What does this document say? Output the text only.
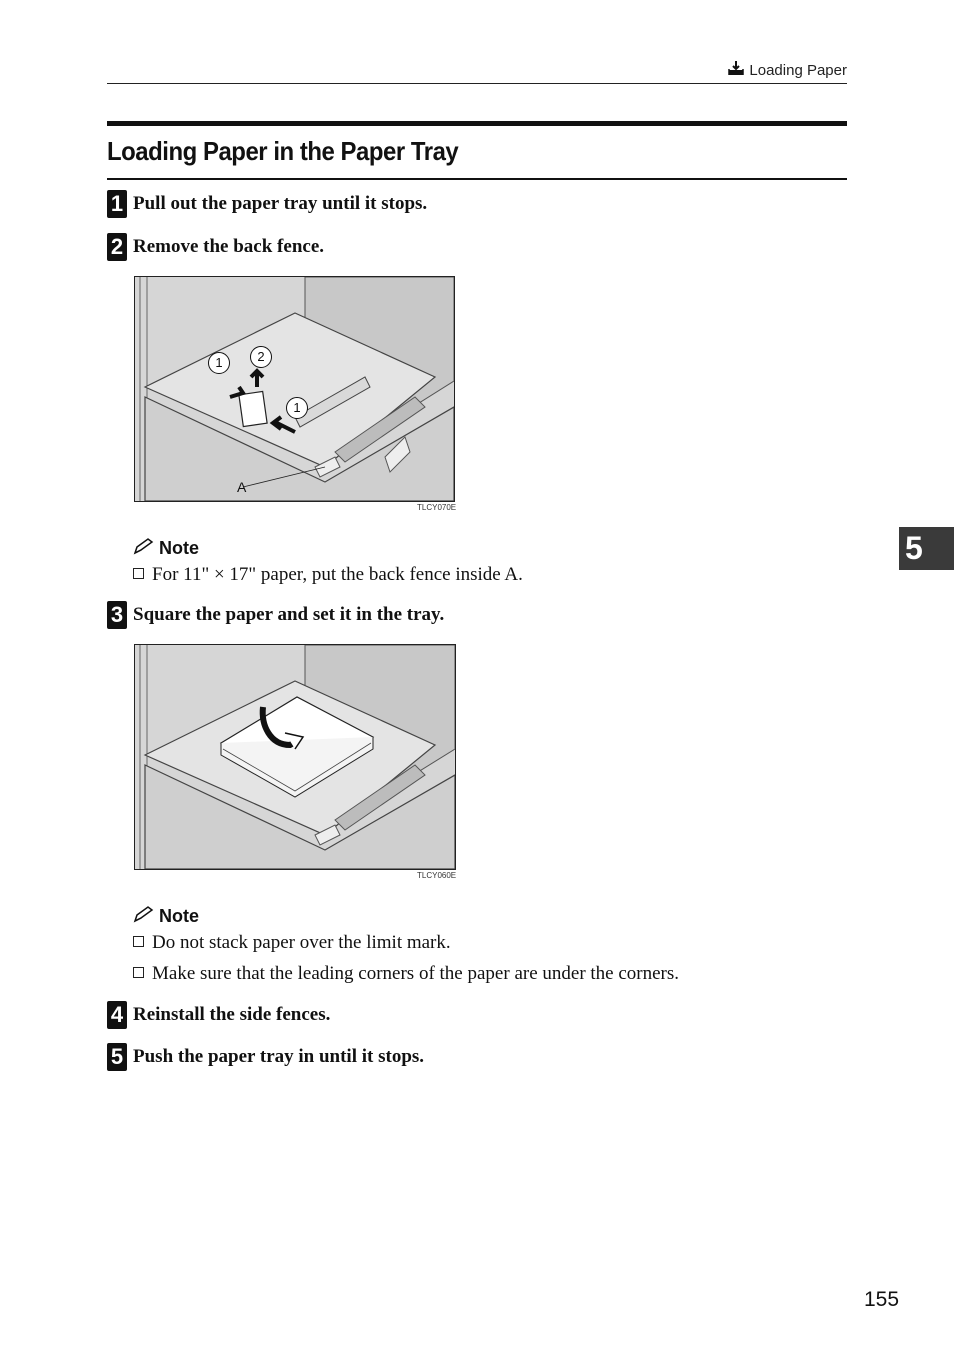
Loading Paper
Loading Paper in the Paper Tray
1 Pull out the paper tray until it stops.
2 Remove the back fence.
1	2
1
A
TLCY070E
Note
For 11" × 17" paper, put the back fence inside A.
3 Square the paper and set it in the tray.
TLCY060E
Note
Do not stack paper over the limit mark.
Make sure that the leading corners of the paper are under the corners.
4 Reinstall the side fences.
5 Push the paper tray in until it stops.
5
155
